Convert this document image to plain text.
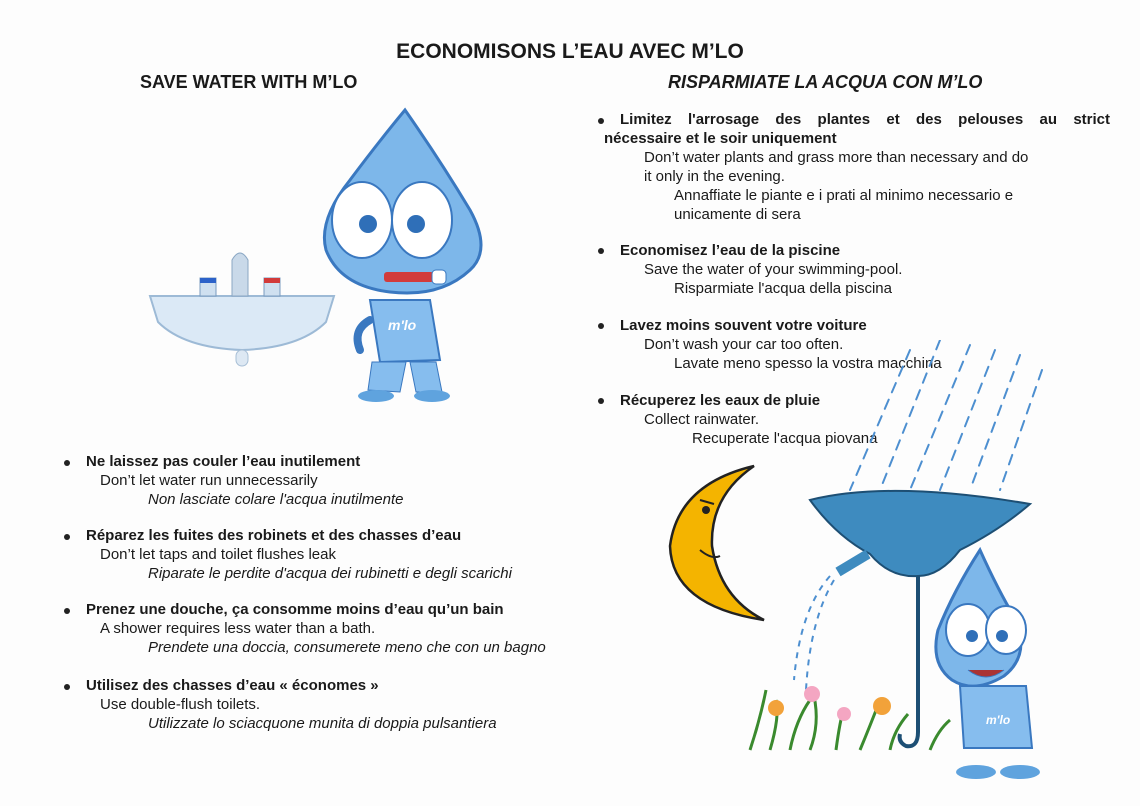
ECONOMISONS L’EAU AVEC M’LO
SAVE WATER WITH M’LO	RISPARMIATE LA ACQUA CON M’LO
m'lo
Limitez l'arrosage des plantes et des pelouses au strict
nécessaire et le soir uniquement
Don’t water plants and grass more than necessary and do
it only in the evening.
Annaffiate le piante e i prati al minimo necessario e
unicamente di sera
Economisez l’eau de la piscine
Save the water of your swimming-pool.
Risparmiate l'acqua della piscina
Lavez moins souvent votre voiture
Don’t wash your car too often.
Lavate meno spesso la vostra macchina
Récuperez les eaux de pluie
Collect rainwater.
Recuperate l'acqua piovana
m'lo
Ne laissez pas couler l’eau inutilement
Don’t let water run unnecessarily
Non lasciate colare l'acqua inutilmente
Réparez les fuites des robinets et des chasses d’eau
Don’t let taps and toilet flushes leak
Riparate le perdite d'acqua dei rubinetti e degli scarichi
Prenez une douche, ça consomme moins d’eau qu’un bain
A shower requires less water than a bath.
Prendete una doccia, consumerete meno che con un bagno
Utilisez des chasses d’eau « économes »
Use double-flush toilets.
Utilizzate lo sciacquone munita di doppia pulsantiera
